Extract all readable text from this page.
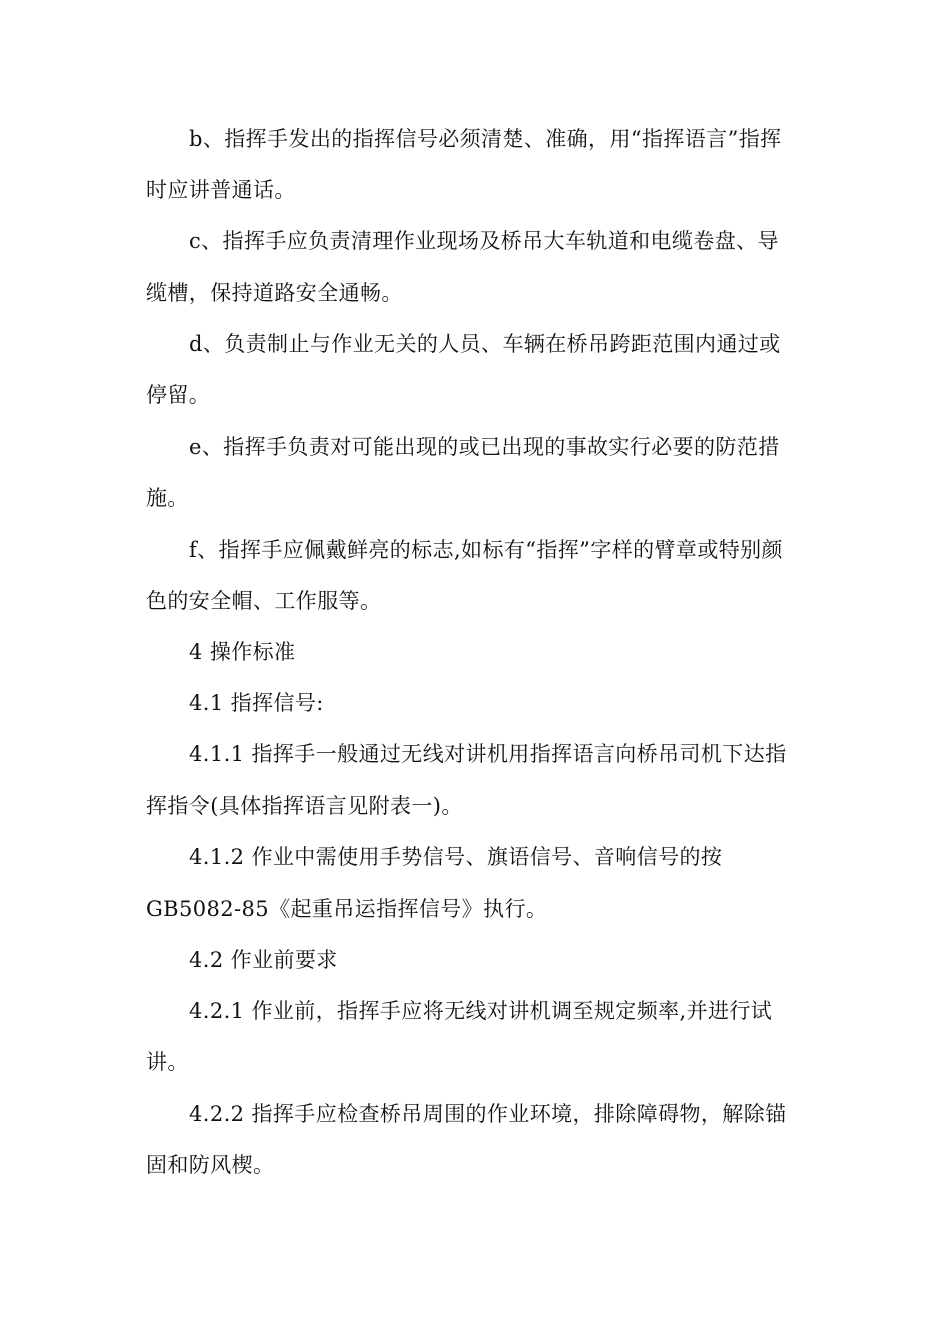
b、指挥手发出的指挥信号必须清楚、准确，用“指挥语言”指挥
时应讲普通话。
c、指挥手应负责清理作业现场及桥吊大车轨道和电缆卷盘、导
缆槽，保持道路安全通畅。
d、负责制止与作业无关的人员、车辆在桥吊跨距范围内通过或
停留。
e、指挥手负责对可能出现的或已出现的事故实行必要的防范措
施。
f、指挥手应佩戴鲜亮的标志,如标有“指挥”字样的臂章或特别颜
色的安全帽、工作服等。
4 操作标准
4.1 指挥信号:
4.1.1 指挥手一般通过无线对讲机用指挥语言向桥吊司机下达指
挥指令(具体指挥语言见附表一)。
4.1.2 作业中需使用手势信号、旗语信号、音响信号的按
GB5082-85《起重吊运指挥信号》执行。
4.2 作业前要求
4.2.1 作业前，指挥手应将无线对讲机调至规定频率,并进行试
讲。
4.2.2 指挥手应检查桥吊周围的作业环境，排除障碍物，解除锚
固和防风楔。
